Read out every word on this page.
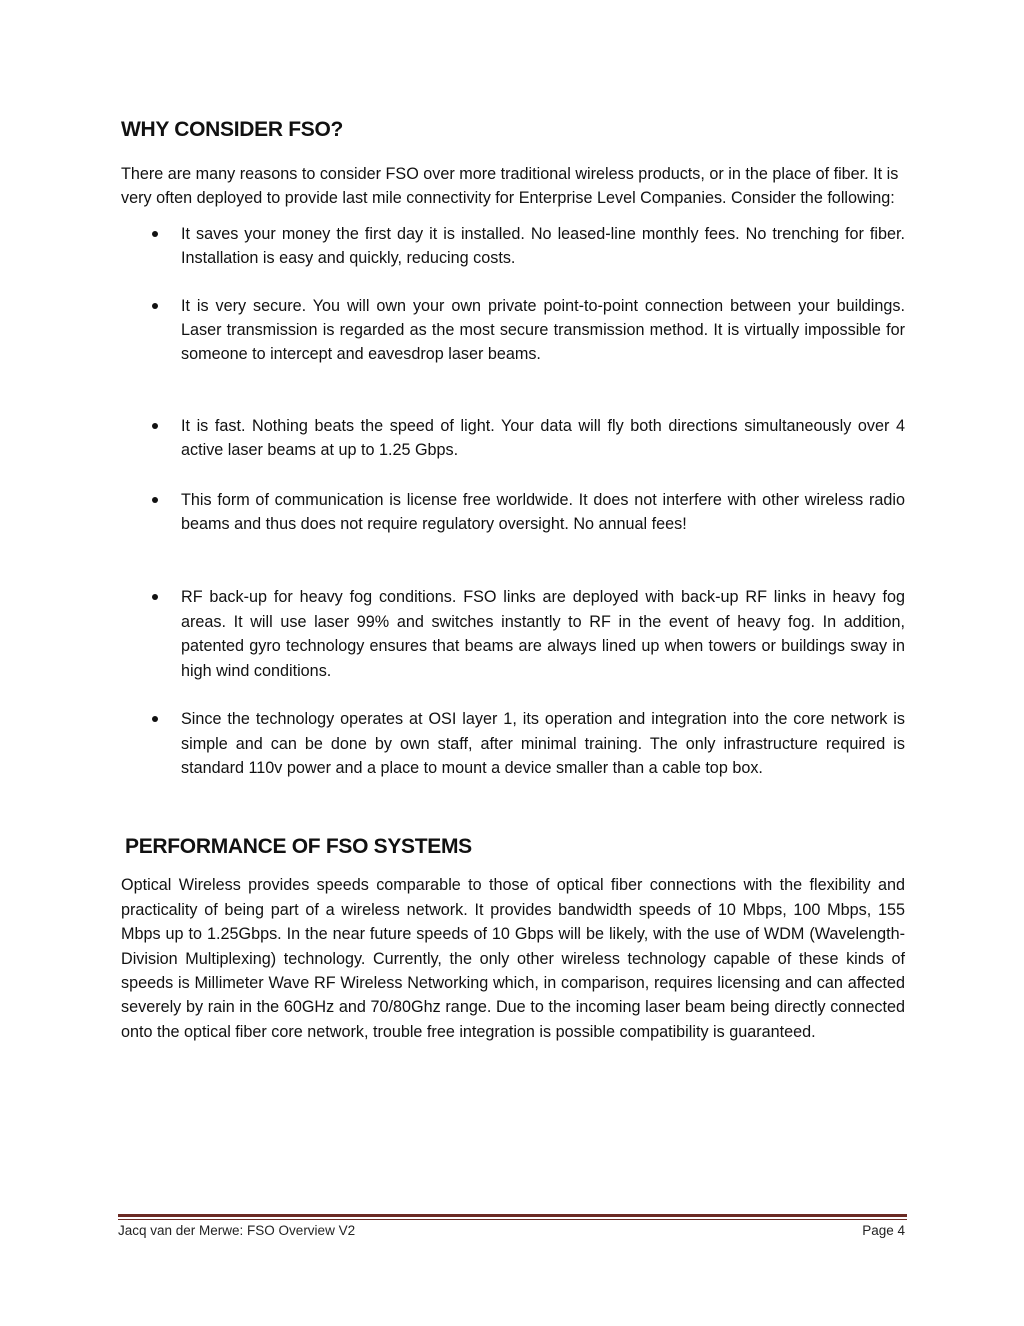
WHY CONSIDER FSO?

There are many reasons to consider FSO over more traditional wireless products, or in the place of fiber. It is very often deployed to provide last mile connectivity for Enterprise Level Companies. Consider the following:

It saves your money the first day it is installed. No leased-line monthly fees. No trenching for fiber. Installation is easy and quickly, reducing costs.
It is very secure. You will own your own private point-to-point connection between your buildings. Laser transmission is regarded as the most secure transmission method. It is virtually impossible for someone to intercept and eavesdrop laser beams.
It is fast. Nothing beats the speed of light. Your data will fly both directions simultaneously over 4 active laser beams at up to 1.25 Gbps.
This form of communication is license free worldwide. It does not interfere with other wireless radio beams and thus does not require regulatory oversight. No annual fees!
RF back-up for heavy fog conditions. FSO links are deployed with back-up RF links in heavy fog areas. It will use laser 99% and switches instantly to RF in the event of heavy fog. In addition, patented gyro technology ensures that beams are always lined up when towers or buildings sway in high wind conditions.
Since the technology operates at OSI layer 1, its operation and integration into the core network is simple and can be done by own staff, after minimal training. The only infrastructure required is standard 110v power and a place to mount a device smaller than a cable top box.
PERFORMANCE OF FSO SYSTEMS

Optical Wireless provides speeds comparable to those of optical fiber connections with the flexibility and practicality of being part of a wireless network. It provides bandwidth speeds of 10 Mbps, 100 Mbps, 155 Mbps up to 1.25Gbps. In the near future speeds of 10 Gbps will be likely, with the use of WDM (Wavelength-Division Multiplexing) technology. Currently, the only other wireless technology capable of these kinds of speeds is Millimeter Wave RF Wireless Networking which, in comparison, requires licensing and can affected severely by rain in the 60GHz and 70/80Ghz range. Due to the incoming laser beam being directly connected onto the optical fiber core network, trouble free integration is possible compatibility is guaranteed.

Jacq van der Merwe: FSO Overview V2	Page 4
